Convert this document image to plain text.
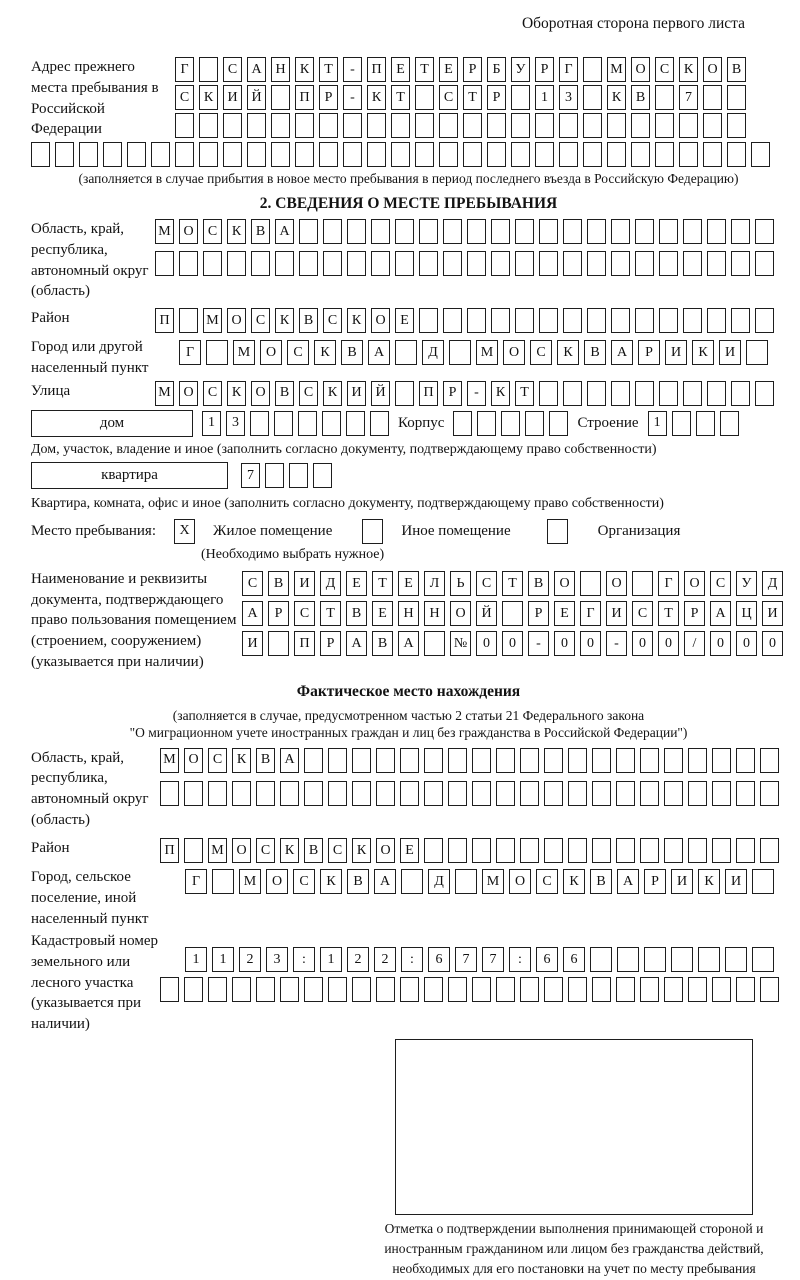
Оборотная сторона первого листа
Адрес прежнего места пребывания в Российской Федерации
Г	С	А Н	К	Т	-	П	Е	Т	Е	Р	Б	У	Р	Г	М О	С	К	О	В
С	К	И Й	П	Р	-	К	Т	С	Т	Р	1	3	К	В	7
(заполняется в случае прибытия в новое место пребывания в период последнего въезда в Российскую Федерацию)
2. СВЕДЕНИЯ О МЕСТЕ ПРЕБЫВАНИЯ
Область, край, республика, автономный округ (область)
М О	С	К	В	А
Район	П	М О	С	К	В	С	К	О	Е
Город или другой населенный пункт
Г	М	О	С	К	В	А	Д	М	О	С	К	В	А	Р	И	К	И
Улица	М О	С	К	О	В	С	К	И Й	П	Р	-	К	Т
дом	1	3	Корпус	Строение	1
Дом, участок, владение и иное (заполнить согласно документу, подтверждающему право собственности)
квартира	7
Квартира, комната, офис и иное (заполнить согласно документу, подтверждающему право собственности)
Место пребывания:	X	Жилое помещение	Иное помещение	Организация
(Необходимо выбрать нужное)
Наименование и реквизиты документа, подтверждающего право пользования помещением (строением, сооружением) (указывается при наличии)
С	В	И	Д	Е	Т	Е	Л	Ь	С	Т	В	О	О	Г	О	С	У	Д
А	Р	С	Т	В	Е	Н	Н	О	Й	Р	Е	Г	И	С	Т	Р	А	Ц	И
И	П	Р	А	В	А	№	0	0	-	0	0	-	0	0	/	0	0	0
Фактическое место нахождения
(заполняется в случае, предусмотренном частью 2 статьи 21 Федерального закона
"О миграционном учете иностранных граждан и лиц без гражданства в Российской Федерации")
Область, край, республика, автономный округ (область)
М О	С	К	В	А
Район	П	М О	С	К	В	С	К	О	Е
Город, сельское поселение, иной населенный пункт
Г	М	О	С	К	В	А	Д	М	О	С	К	В	А	Р	И	К	И
Кадастровый номер земельного или лесного участка (указывается при наличии)
1	1	2	3	:	1	2	2	:	6	7	7	:	6	6
Отметка о подтверждении выполнения принимающей стороной и иностранным гражданином или лицом без гражданства действий, необходимых для его постановки на учет по месту пребывания
